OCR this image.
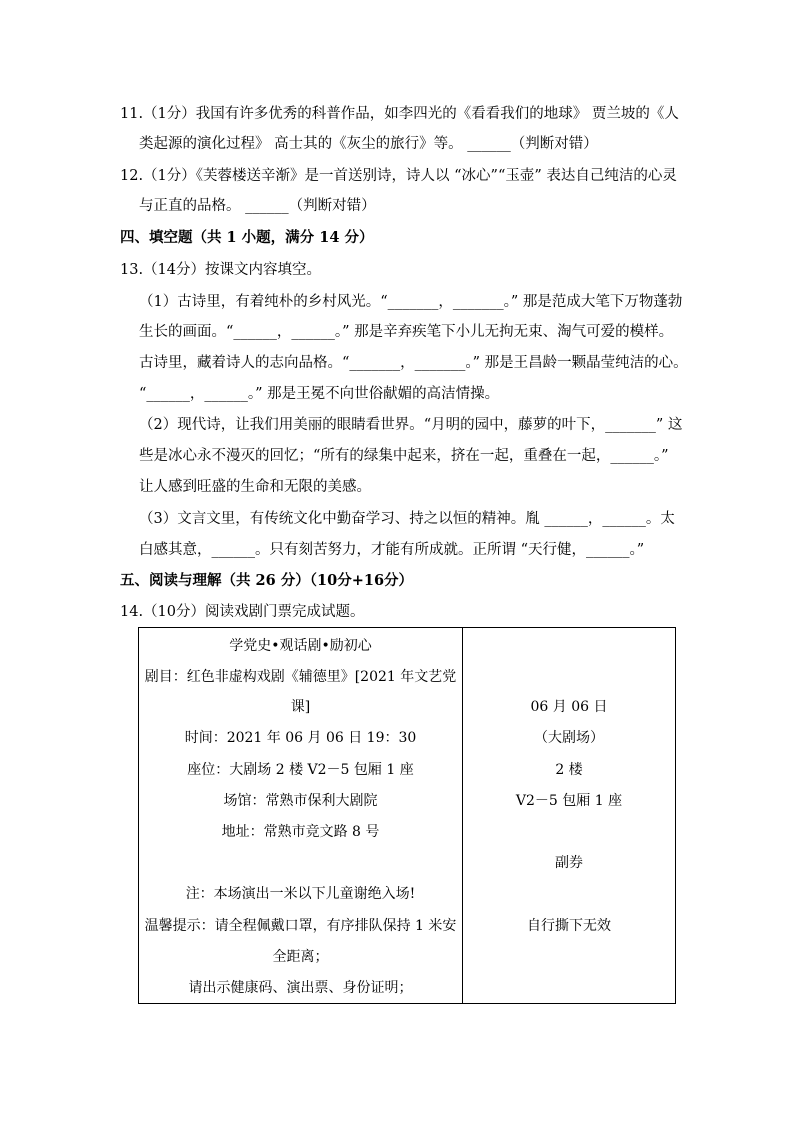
11.（1分）我国有许多优秀的科普作品，如李四光的《看看我们的地球》 贾兰坡的《人
类起源的演化过程》 高士其的《灰尘的旅行》等。 ______（判断对错）
12.（1分）《芙蓉楼送辛渐》是一首送别诗，诗人以 “冰心”“玉壶” 表达自己纯洁的心灵
与正直的品格。 ______（判断对错）
四、填空题（共 1 小题，满分 14 分）
13.（14分）按课文内容填空。
（1）古诗里，有着纯朴的乡村风光。“_______，_______。” 那是范成大笔下万物蓬勃
生长的画面。“______，______。” 那是辛弃疾笔下小儿无拘无束、淘气可爱的模样。
古诗里，藏着诗人的志向品格。“_______，_______。” 那是王昌龄一颗晶莹纯洁的心。
“______，______。” 那是王冕不向世俗献媚的高洁情操。
（2）现代诗，让我们用美丽的眼睛看世界。“月明的园中，藤萝的叶下，_______” 这
些是冰心永不漫灭的回忆；“所有的绿集中起来，挤在一起，重叠在一起，______。”
让人感到旺盛的生命和无限的美感。
（3）文言文里，有传统文化中勤奋学习、持之以恒的精神。胤 ______，______。太
白感其意，______。只有刻苦努力，才能有所成就。正所谓 “天行健，______。”
五、阅读与理解（共 26 分）（10分+16分）
14.（10分）阅读戏剧门票完成试题。
学党史•观话剧•励初心
剧目：红色非虚构戏剧《辅德里》[2021 年文艺党
课]
时间：2021 年 06 月 06 日 19：30
座位：大剧场 2 楼 V2－5 包厢 1 座
场馆：常熟市保利大剧院
地址：常熟市竞文路 8 号
注：本场演出一米以下儿童谢绝入场!
温馨提示：请全程佩戴口罩，有序排队保持 1 米安
全距离；
请出示健康码、演出票、身份证明；
06 月 06 日
（大剧场）
2 楼
V2－5 包厢 1 座
副券
自行撕下无效
